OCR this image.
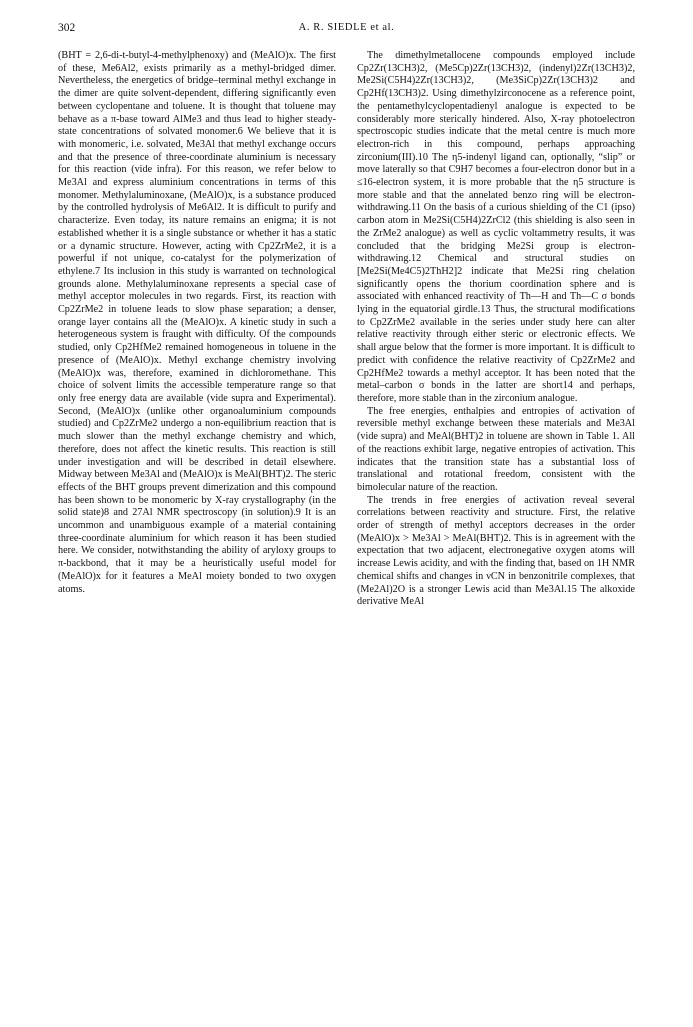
302	A. R. SIEDLE et al.

(BHT = 2,6-di-t-butyl-4-methylphenoxy) and (MeAlO)x. The first of these, Me6Al2, exists primarily as a methyl-bridged dimer. Nevertheless, the energetics of bridge–terminal methyl exchange in the dimer are quite solvent-dependent, differing significantly even between cyclopentane and toluene. It is thought that toluene may behave as a π-base toward AlMe3 and thus lead to higher steady-state concentrations of solvated monomer.6 We believe that it is with monomeric, i.e. solvated, Me3Al that methyl exchange occurs and that the presence of three-coordinate aluminium is necessary for this reaction (vide infra). For this reason, we refer below to Me3Al and express aluminium concentrations in terms of this monomer. Methylaluminoxane, (MeAlO)x, is a substance produced by the controlled hydrolysis of Me6Al2. It is difficult to purify and characterize. Even today, its nature remains an enigma; it is not established whether it is a single substance or whether it has a static or a dynamic structure. However, acting with Cp2ZrMe2, it is a powerful if not unique, co-catalyst for the polymerization of ethylene.7 Its inclusion in this study is warranted on technological grounds alone. Methylaluminoxane represents a special case of methyl acceptor molecules in two regards. First, its reaction with Cp2ZrMe2 in toluene leads to slow phase separation; a denser, orange layer contains all the (MeAlO)x. A kinetic study in such a heterogeneous system is fraught with difficulty. Of the compounds studied, only Cp2HfMe2 remained homogeneous in toluene in the presence of (MeAlO)x. Methyl exchange chemistry involving (MeAlO)x was, therefore, examined in dichloromethane. This choice of solvent limits the accessible temperature range so that only free energy data are available (vide supra and Experimental). Second, (MeAlO)x (unlike other organoaluminium compounds studied) and Cp2ZrMe2 undergo a non-equilibrium reaction that is much slower than the methyl exchange chemistry and which, therefore, does not affect the kinetic results. This reaction is still under investigation and will be described in detail elsewhere. Midway between Me3Al and (MeAlO)x is MeAl(BHT)2. The steric effects of the BHT groups prevent dimerization and this compound has been shown to be monomeric by X-ray crystallography (in the solid state)8 and 27Al NMR spectroscopy (in solution).9 It is an uncommon and unambiguous example of a material containing three-coordinate aluminium for which reason it has been studied here. We consider, notwithstanding the ability of aryloxy groups to π-backbond, that it may be a heuristically useful model for (MeAlO)x for it features a MeAl moiety bonded to two oxygen atoms.

The dimethylmetallocene compounds employed include Cp2Zr(13CH3)2, (Me5Cp)2Zr(13CH3)2, (indenyl)2Zr(13CH3)2, Me2Si(C5H4)2Zr(13CH3)2, (Me3SiCp)2Zr(13CH3)2 and Cp2Hf(13CH3)2. Using dimethylzirconocene as a reference point, the pentamethylcyclopentadienyl analogue is expected to be considerably more sterically hindered. Also, X-ray photoelectron spectroscopic studies indicate that the metal centre is much more electron-rich in this compound, perhaps approaching zirconium(III).10 The η5-indenyl ligand can, optionally, “slip” or move laterally so that C9H7 becomes a four-electron donor but in a ≤16-electron system, it is more probable that the η5 structure is more stable and that the annelated benzo ring will be electron-withdrawing.11 On the basis of a curious shielding of the C1 (ipso) carbon atom in Me2Si(C5H4)2ZrCl2 (this shielding is also seen in the ZrMe2 analogue) as well as cyclic voltammetry results, it was concluded that the bridging Me2Si group is electron-withdrawing.12 Chemical and structural studies on [Me2Si(Me4C5)2ThH2]2 indicate that Me2Si ring chelation significantly opens the thorium coordination sphere and is associated with enhanced reactivity of Th—H and Th—C σ bonds lying in the equatorial girdle.13 Thus, the structural modifications to Cp2ZrMe2 available in the series under study here can alter relative reactivity through either steric or electronic effects. We shall argue below that the former is more important. It is difficult to predict with confidence the relative reactivity of Cp2ZrMe2 and Cp2HfMe2 towards a methyl acceptor. It has been noted that the metal–carbon σ bonds in the latter are short14 and perhaps, therefore, more stable than in the zirconium analogue.

The free energies, enthalpies and entropies of activation of reversible methyl exchange between these materials and Me3Al (vide supra) and MeAl(BHT)2 in toluene are shown in Table 1. All of the reactions exhibit large, negative entropies of activation. This indicates that the transition state has a substantial loss of translational and rotational freedom, consistent with the bimolecular nature of the reaction.

The trends in free energies of activation reveal several correlations between reactivity and structure. First, the relative order of strength of methyl acceptors decreases in the order (MeAlO)x > Me3Al > MeAl(BHT)2. This is in agreement with the expectation that two adjacent, electronegative oxygen atoms will increase Lewis acidity, and with the finding that, based on 1H NMR chemical shifts and changes in νCN in benzonitrile complexes, that (Me2Al)2O is a stronger Lewis acid than Me3Al.15 The alkoxide derivative MeAl
